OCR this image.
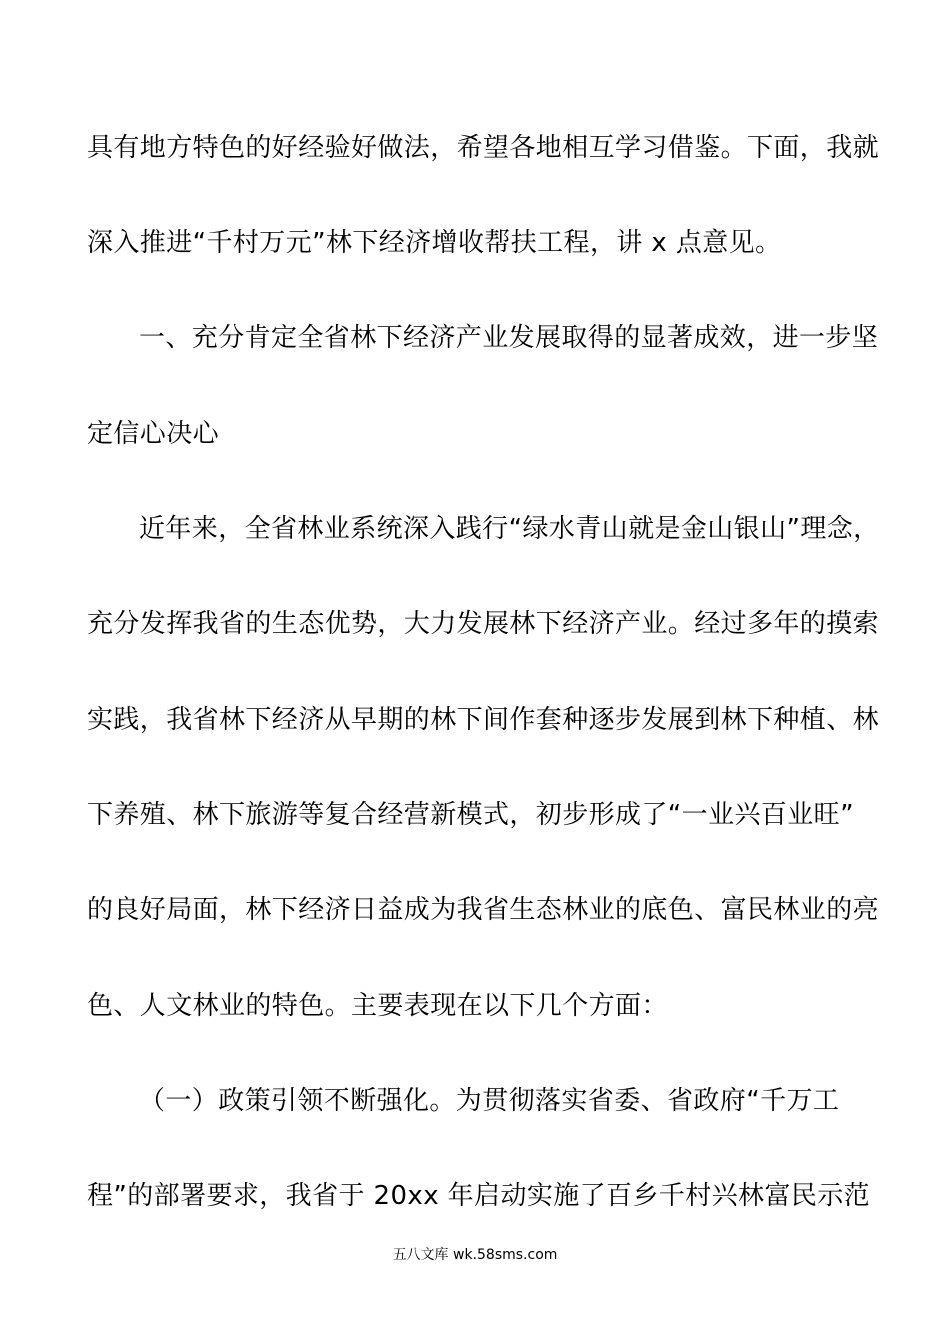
具有地方特色的好经验好做法，希望各地相互学习借鉴。下面，我就
深入推进“千村万元”林下经济增收帮扶工程，讲 x 点意见。
一、充分肯定全省林下经济产业发展取得的显著成效，进一步坚
定信心决心
近年来，全省林业系统深入践行“绿水青山就是金山银山”理念，
充分发挥我省的生态优势，大力发展林下经济产业。经过多年的摸索
实践，我省林下经济从早期的林下间作套种逐步发展到林下种植、林
下养殖、林下旅游等复合经营新模式，初步形成了“一业兴百业旺”
的良好局面，林下经济日益成为我省生态林业的底色、富民林业的亮
色、人文林业的特色。主要表现在以下几个方面：
（一）政策引领不断强化。为贯彻落实省委、省政府“千万工
程”的部署要求，我省于 20xx 年启动实施了百乡千村兴林富民示范
五八文库 wk.58sms.com
